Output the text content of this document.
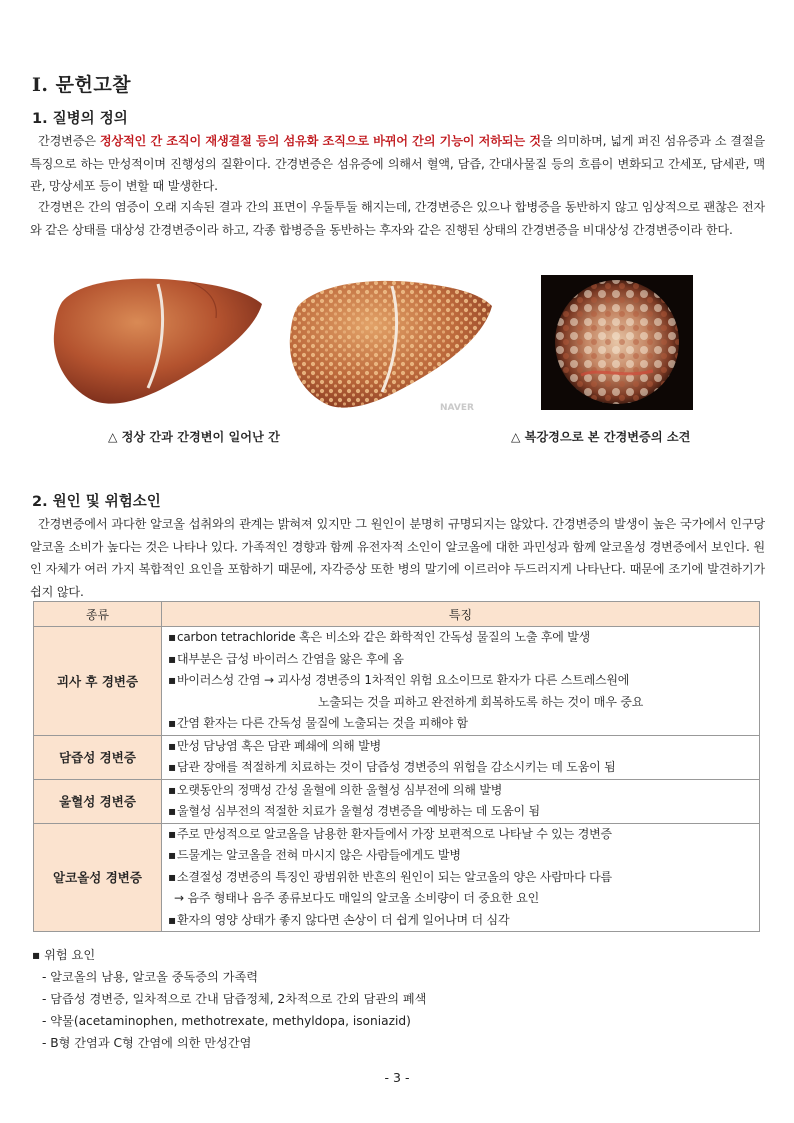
Ⅰ. 문헌고찰
1. 질병의 정의

간경변증은 정상적인 간 조직이 재생결절 등의 섬유화 조직으로 바뀌어 간의 기능이 저하되는 것을 의미하며, 넓게 퍼진 섬유증과 소 결절을 특징으로 하는 만성적이며 진행성의 질환이다. 간경변증은 섬유증에 의해서 혈액, 담즙, 간대사물질 등의 흐름이 변화되고 간세포, 담세관, 맥관, 망상세포 등이 변할 때 발생한다.

간경변은 간의 염증이 오래 지속된 결과 간의 표면이 우둘투둘 해지는데, 간경변증은 있으나 합병증을 동반하지 않고 임상적으로 괜찮은 전자와 같은 상태를 대상성 간경변증이라 하고, 각종 합병증을 동반하는 후자와 같은 진행된 상태의 간경변증을 비대상성 간경변증이라 한다.

NAVER
△ 정상 간과 간경변이 일어난 간	△ 복강경으로 본 간경변증의 소견
2. 원인 및 위험소인

간경변증에서 과다한 알코올 섭취와의 관계는 밝혀져 있지만 그 원인이 분명히 규명되지는 않았다. 간경변증의 발생이 높은 국가에서 인구당 알코올 소비가 높다는 것은 나타나 있다. 가족적인 경향과 함께 유전자적 소인이 알코올에 대한 과민성과 함께 알코올성 경변증에서 보인다. 원인 자체가 여러 가지 복합적인 요인을 포함하기 때문에, 자각증상 또한 병의 말기에 이르러야 두드러지게 나타난다. 때문에 조기에 발견하기가 쉽지 않다.

종류	특징
괴사 후 경변증	▪carbon tetrachloride 혹은 비소와 같은 화학적인 간독성 물질의 노출 후에 발생
▪대부분은 급성 바이러스 간염을 앓은 후에 옴
▪바이러스성 간염 → 괴사성 경변증의 1차적인 위험 요소이므로 환자가 다른 스트레스원에
노출되는 것을 피하고 완전하게 회복하도록 하는 것이 매우 중요
▪간염 환자는 다른 간독성 물질에 노출되는 것을 피해야 함

담즙성 경변증	▪만성 담낭염 혹은 담관 폐쇄에 의해 발병
▪담관 장애를 적절하게 치료하는 것이 담즙성 경변증의 위험을 감소시키는 데 도움이 됨

울혈성 경변증	▪오랫동안의 정맥성 간성 울혈에 의한 울혈성 심부전에 의해 발병
▪울혈성 심부전의 적절한 치료가 울혈성 경변증을 예방하는 데 도움이 됨

알코올성 경변증	▪주로 만성적으로 알코올을 남용한 환자들에서 가장 보편적으로 나타날 수 있는 경변증
▪드물게는 알코올을 전혀 마시지 않은 사람들에게도 발병
▪소결절성 경변증의 특징인 광범위한 반흔의 원인이 되는 알코올의 양은 사람마다 다름
→ 음주 형태나 음주 종류보다도 매일의 알코올 소비량이 더 중요한 요인
▪환자의 영양 상태가 좋지 않다면 손상이 더 쉽게 일어나며 더 심각
▪ 위험 요인
- 알코올의 남용, 알코올 중독증의 가족력
- 담즙성 경변증, 일차적으로 간내 담즙정체, 2차적으로 간외 담관의 폐색
- 약물(acetaminophen, methotrexate, methyldopa, isoniazid)
- B형 간염과 C형 간염에 의한 만성간염
- 3 -
